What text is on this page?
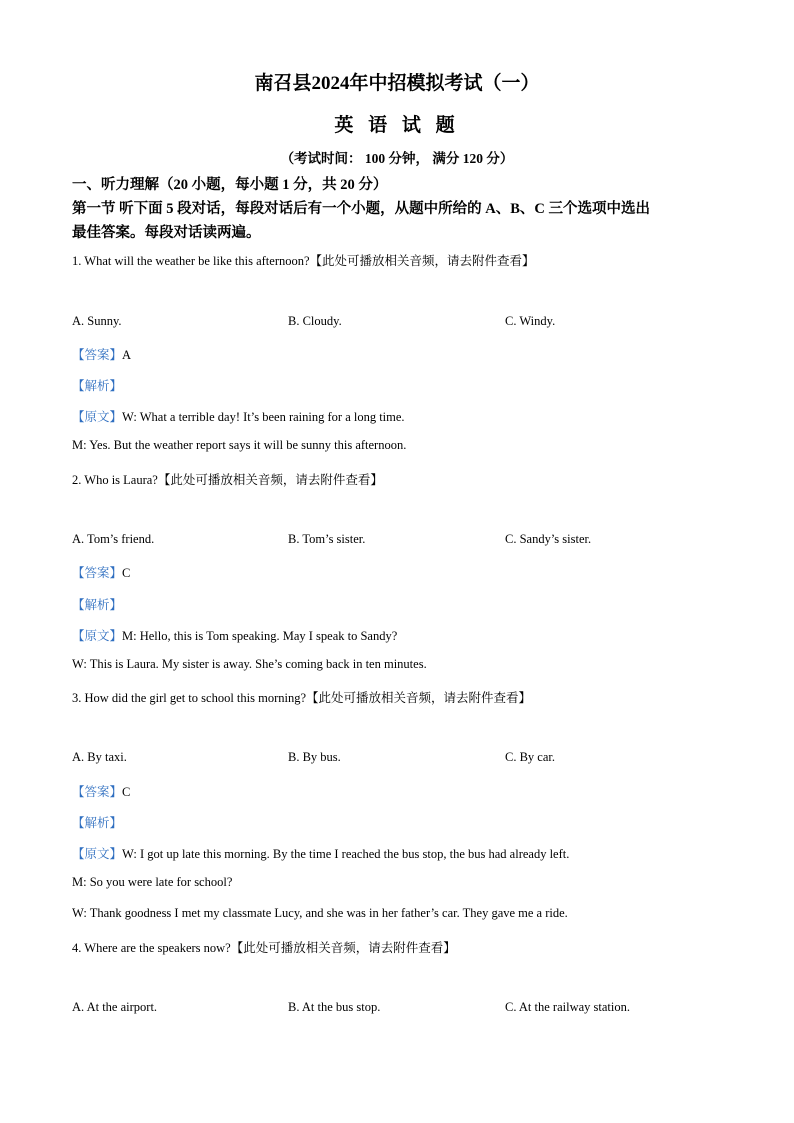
南召县2024年中招模拟考试（一）
英 语 试 题
（考试时间： 100 分钟， 满分 120 分）
一、听力理解（20 小题，每小题 1 分，共 20 分）
第一节 听下面 5 段对话，每段对话后有一个小题，从题中所给的 A、B、C 三个选项中选出
最佳答案。每段对话读两遍。
1. What will the weather be like this afternoon?【此处可播放相关音频，请去附件查看】
A. Sunny.	B. Cloudy.	C. Windy.
【答案】A
【解析】
【原文】W: What a terrible day! It’s been raining for a long time.
M: Yes. But the weather report says it will be sunny this afternoon.
2. Who is Laura?【此处可播放相关音频，请去附件查看】
A. Tom’s friend.	B. Tom’s sister.	C. Sandy’s sister.
【答案】C
【解析】
【原文】M: Hello, this is Tom speaking. May I speak to Sandy?
W: This is Laura. My sister is away. She’s coming back in ten minutes.
3. How did the girl get to school this morning?【此处可播放相关音频，请去附件查看】
A. By taxi.	B. By bus.	C. By car.
【答案】C
【解析】
【原文】W: I got up late this morning. By the time I reached the bus stop, the bus had already left.
M: So you were late for school?
W: Thank goodness I met my classmate Lucy, and she was in her father’s car. They gave me a ride.
4. Where are the speakers now?【此处可播放相关音频，请去附件查看】
A. At the airport.	B. At the bus stop.	C. At the railway station.
